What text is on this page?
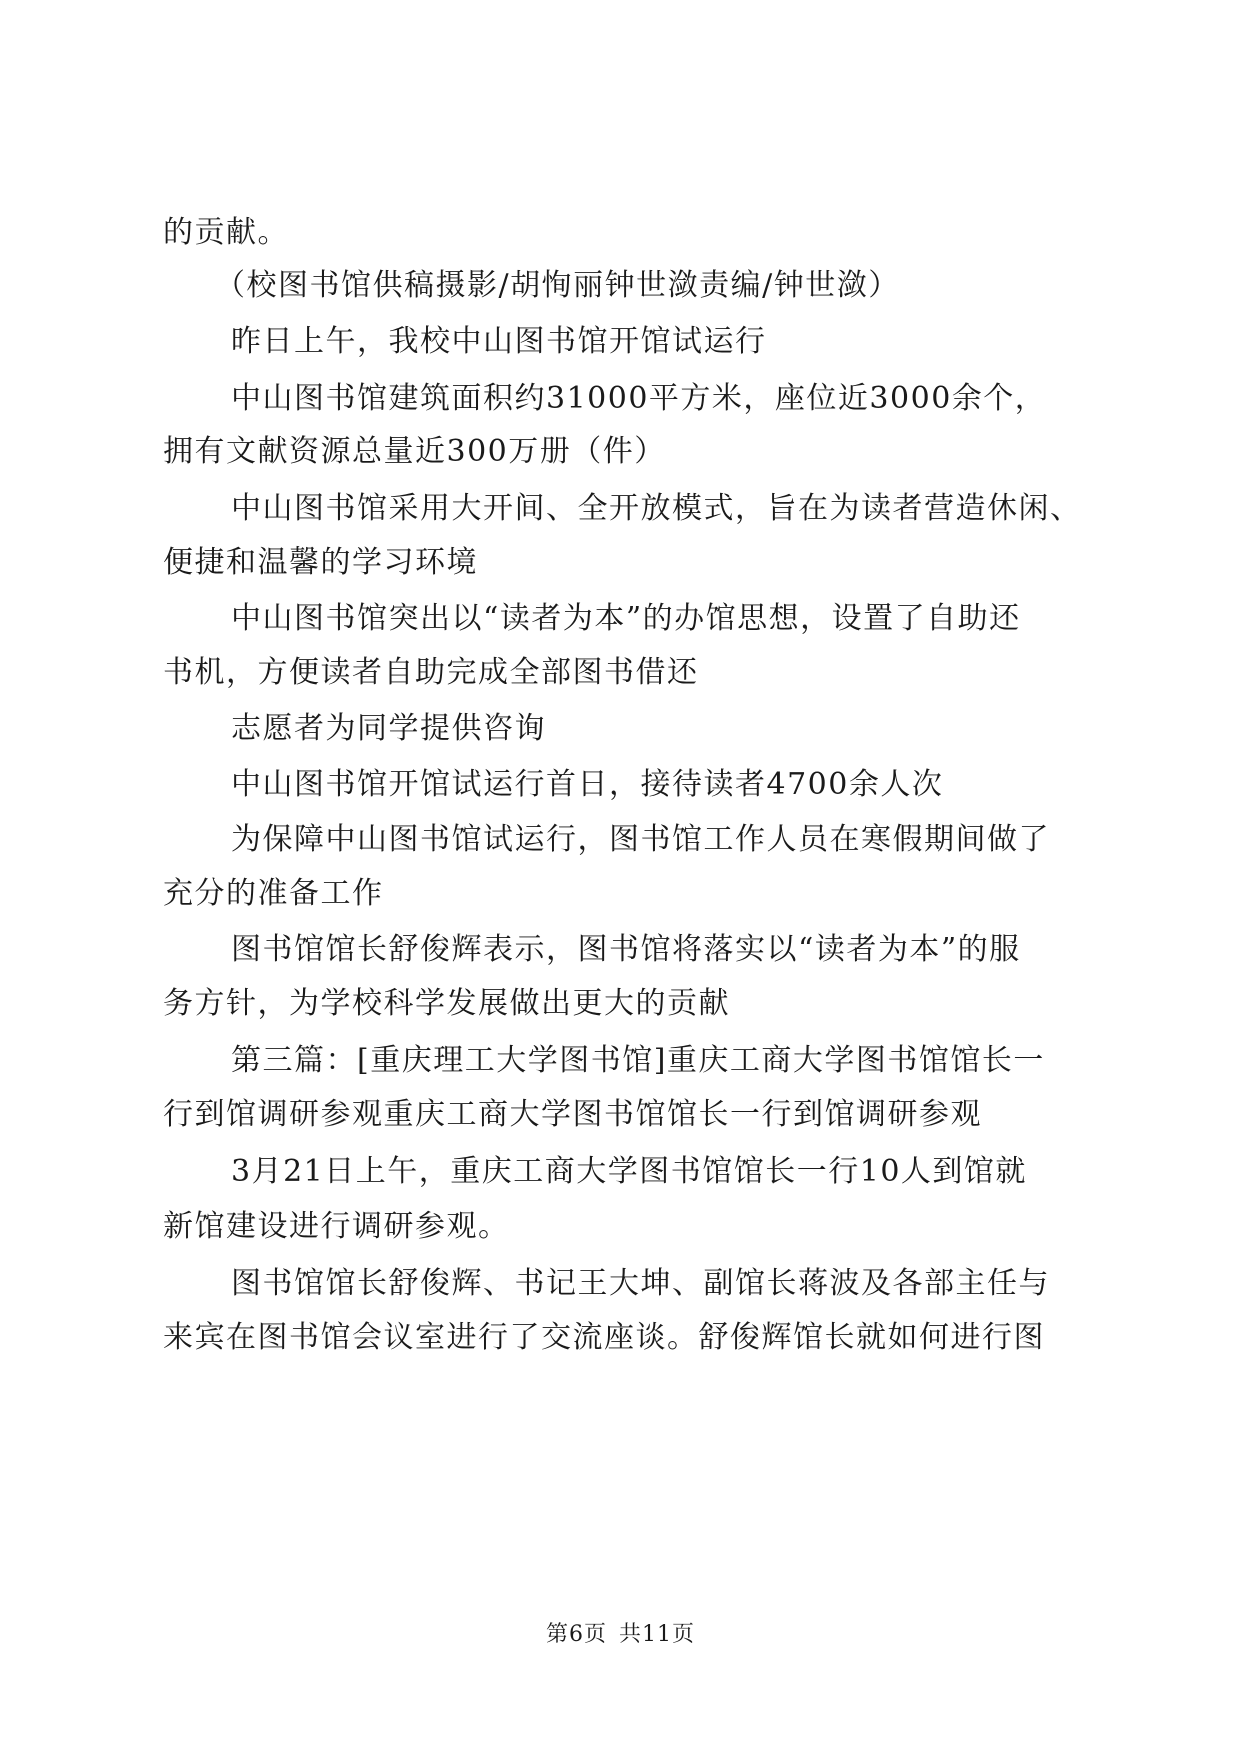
的贡献。
（校图书馆供稿摄影/胡恂丽钟世潋责编/钟世潋）
昨日上午，我校中山图书馆开馆试运行
中山图书馆建筑面积约31000平方米，座位近3000余个，
拥有文献资源总量近300万册（件）
中山图书馆采用大开间、全开放模式，旨在为读者营造休闲、
便捷和温馨的学习环境
中山图书馆突出以“读者为本”的办馆思想，设置了自助还
书机，方便读者自助完成全部图书借还
志愿者为同学提供咨询
中山图书馆开馆试运行首日，接待读者4700余人次
为保障中山图书馆试运行，图书馆工作人员在寒假期间做了
充分的准备工作
图书馆馆长舒俊辉表示，图书馆将落实以“读者为本”的服
务方针，为学校科学发展做出更大的贡献
第三篇：[重庆理工大学图书馆]重庆工商大学图书馆馆长一
行到馆调研参观重庆工商大学图书馆馆长一行到馆调研参观
3月21日上午，重庆工商大学图书馆馆长一行10人到馆就
新馆建设进行调研参观。
图书馆馆长舒俊辉、书记王大坤、副馆长蒋波及各部主任与
来宾在图书馆会议室进行了交流座谈。舒俊辉馆长就如何进行图
第6页 共11页
